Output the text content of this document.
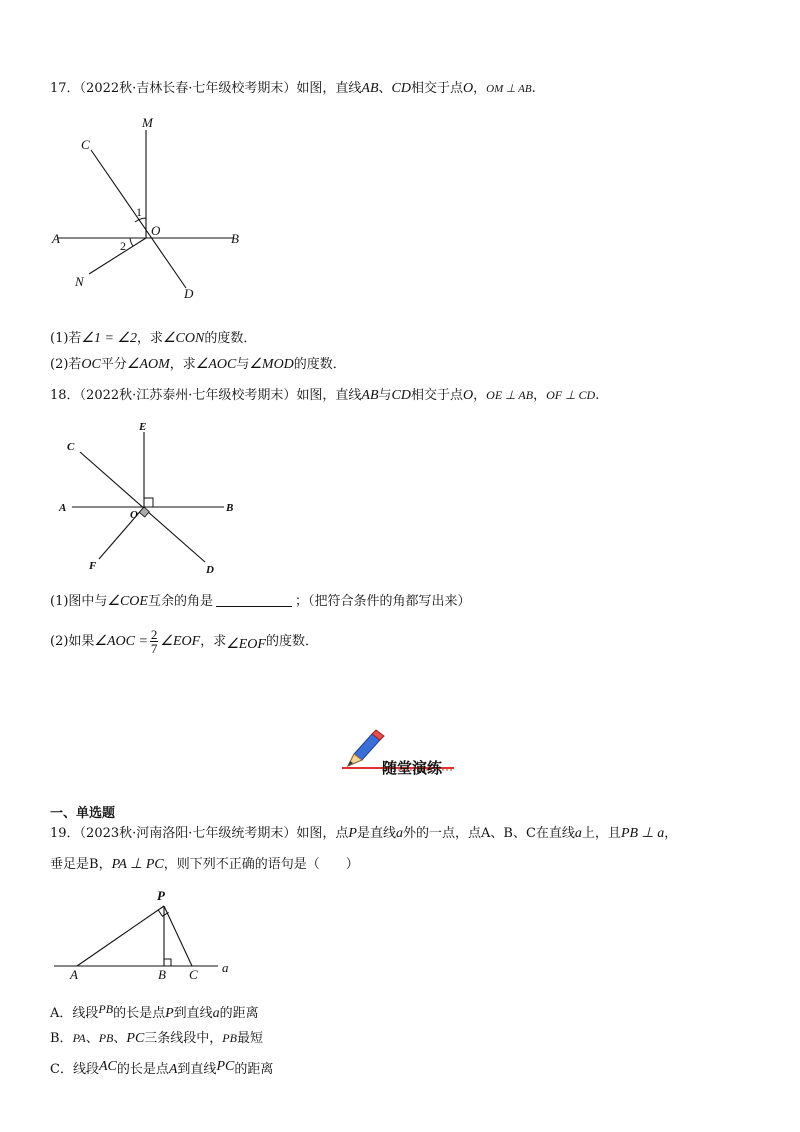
17．（2022秋·吉林长春·七年级校考期末）如图，直线AB、CD相交于点O，OM ⊥ AB.
M
C
1
O
A	2	B
N
D
(1)若∠1 = ∠2，求∠CON的度数．
(2)若OC平分∠AOM，求∠AOC与∠MOD的度数．
18．（2022秋·江苏泰州·七年级校考期末）如图，直线AB与CD相交于点O，OE ⊥ AB，OF ⊥ CD.
E
C
A	B
O
F	D
(1)图中与∠COE互余的角是	；（把符合条件的角都写出来）
(2)如果∠AOC = $\frac{2}{7}$ ∠EOF，求∠EOF的度数．
随堂演练
一、单选题
19．（2023秋·河南洛阳·七年级统考期末）如图，点P是直线a外的一点，点A、B、C在直线a上，且PB ⊥ a，
垂足是B，PA ⊥ PC，则下列不正确的语句是（　　）
P
A	B C a
A．线段PB的长是点P到直线a的距离
B．PA、PB、PC三条线段中，PB最短
C．线段AC的长是点A到直线PC的距离
